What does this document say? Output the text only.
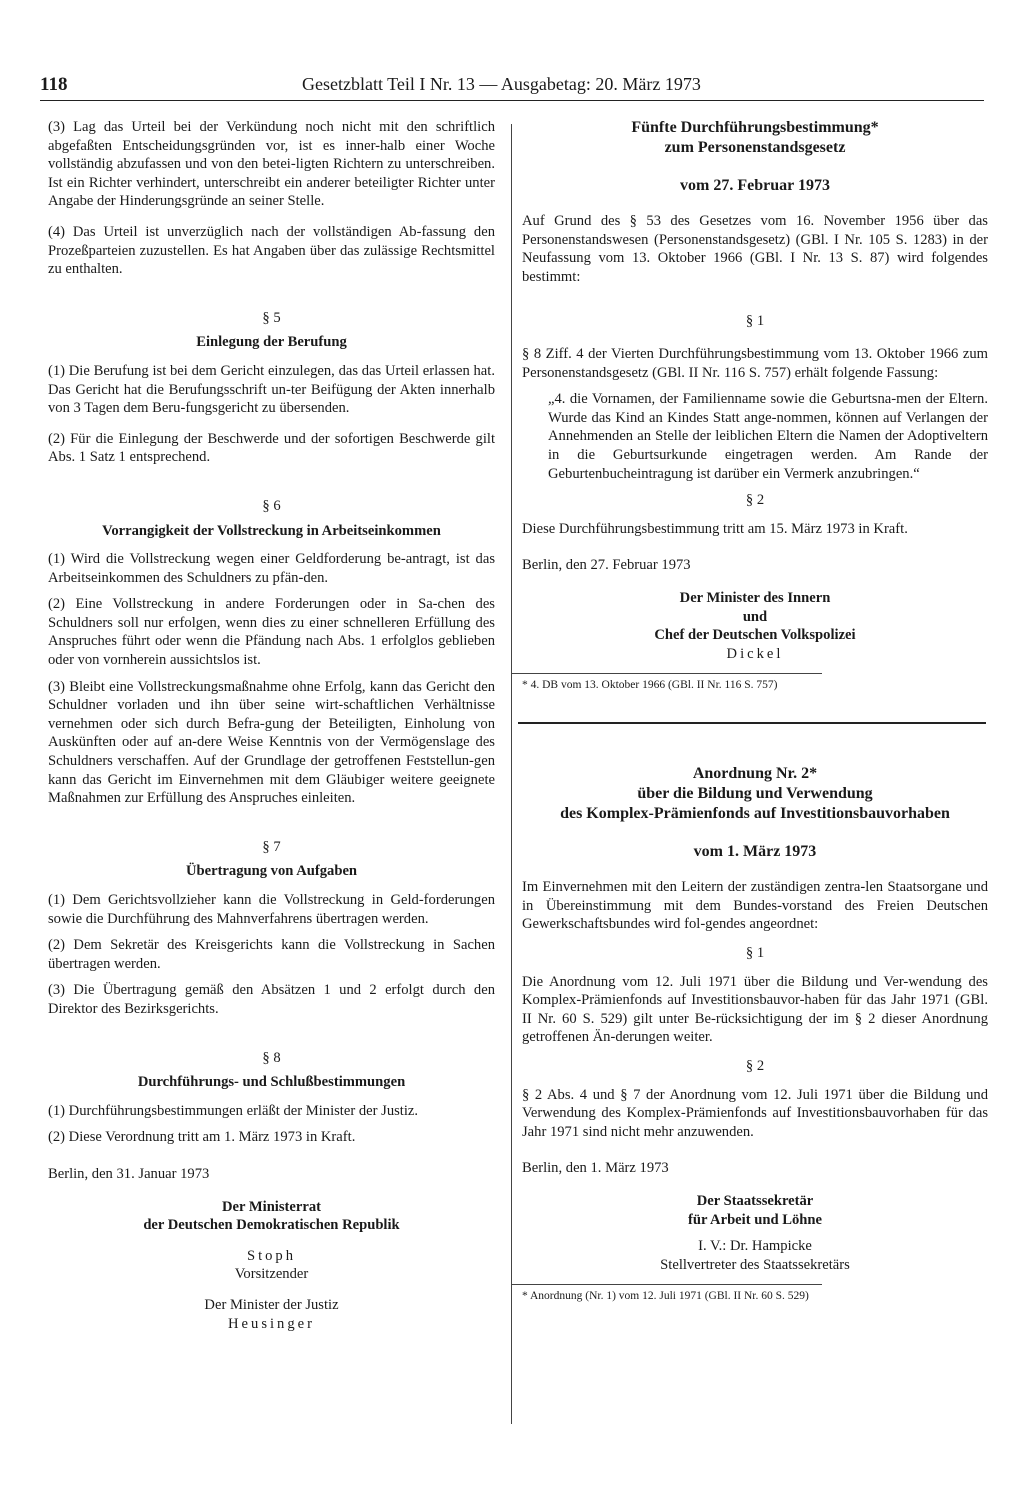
118	Gesetzblatt Teil I Nr. 13 — Ausgabetag: 20. März 1973

(3) Lag das Urteil bei der Verkündung noch nicht mit den schriftlich abgefaßten Entscheidungsgründen vor, ist es inner-halb einer Woche vollständig abzufassen und von den betei-ligten Richtern zu unterschreiben. Ist ein Richter verhindert, unterschreibt ein anderer beteiligter Richter unter Angabe der Hinderungsgründe an seiner Stelle.

(4) Das Urteil ist unverzüglich nach der vollständigen Ab-fassung den Prozeßparteien zuzustellen. Es hat Angaben über das zulässige Rechtsmittel zu enthalten.

§ 5
Einlegung der Berufung

(1) Die Berufung ist bei dem Gericht einzulegen, das das Urteil erlassen hat. Das Gericht hat die Berufungsschrift un-ter Beifügung der Akten innerhalb von 3 Tagen dem Beru-fungsgericht zu übersenden.

(2) Für die Einlegung der Beschwerde und der sofortigen Beschwerde gilt Abs. 1 Satz 1 entsprechend.

§ 6
Vorrangigkeit der Vollstreckung in Arbeitseinkommen

(1) Wird die Vollstreckung wegen einer Geldforderung be-antragt, ist das Arbeitseinkommen des Schuldners zu pfän-den.

(2) Eine Vollstreckung in andere Forderungen oder in Sa-chen des Schuldners soll nur erfolgen, wenn dies zu einer schnelleren Erfüllung des Anspruches führt oder wenn die Pfändung nach Abs. 1 erfolglos geblieben oder von vornherein aussichtslos ist.

(3) Bleibt eine Vollstreckungsmaßnahme ohne Erfolg, kann das Gericht den Schuldner vorladen und ihn über seine wirt-schaftlichen Verhältnisse vernehmen oder sich durch Befra-gung der Beteiligten, Einholung von Auskünften oder auf an-dere Weise Kenntnis von der Vermögenslage des Schuldners verschaffen. Auf der Grundlage der getroffenen Feststellun-gen kann das Gericht im Einvernehmen mit dem Gläubiger weitere geeignete Maßnahmen zur Erfüllung des Anspruches einleiten.

§ 7
Übertragung von Aufgaben

(1) Dem Gerichtsvollzieher kann die Vollstreckung in Geld-forderungen sowie die Durchführung des Mahnverfahrens übertragen werden.

(2) Dem Sekretär des Kreisgerichts kann die Vollstreckung in Sachen übertragen werden.

(3) Die Übertragung gemäß den Absätzen 1 und 2 erfolgt durch den Direktor des Bezirksgerichts.

§ 8
Durchführungs- und Schlußbestimmungen

(1) Durchführungsbestimmungen erläßt der Minister der Justiz.

(2) Diese Verordnung tritt am 1. März 1973 in Kraft.

Berlin, den 31. Januar 1973
Der Ministerrat
der Deutschen Demokratischen Republik
Stoph
Vorsitzender
Der Minister der Justiz
Heusinger
Fünfte Durchführungsbestimmung*
zum Personenstandsgesetz
vom 27. Februar 1973

Auf Grund des § 53 des Gesetzes vom 16. November 1956 über das Personenstandswesen (Personenstandsgesetz) (GBl. I Nr. 105 S. 1283) in der Neufassung vom 13. Oktober 1966 (GBl. I Nr. 13 S. 87) wird folgendes bestimmt:

§ 1

§ 8 Ziff. 4 der Vierten Durchführungsbestimmung vom 13. Oktober 1966 zum Personenstandsgesetz (GBl. II Nr. 116 S. 757) erhält folgende Fassung:

„4. die Vornamen, der Familienname sowie die Geburtsna-men der Eltern. Wurde das Kind an Kindes Statt ange-nommen, können auf Verlangen der Annehmenden an Stelle der leiblichen Eltern die Namen der Adoptiveltern in die Geburtsurkunde eingetragen werden. Am Rande der Geburtenbucheintragung ist darüber ein Vermerk anzubringen.“

§ 2

Diese Durchführungsbestimmung tritt am 15. März 1973 in Kraft.

Berlin, den 27. Februar 1973
Der Minister des Innern
und
Chef der Deutschen Volkspolizei
Dickel
* 4. DB vom 13. Oktober 1966 (GBl. II Nr. 116 S. 757)
Anordnung Nr. 2*
über die Bildung und Verwendung
des Komplex-Prämienfonds auf Investitionsbauvorhaben
vom 1. März 1973

Im Einvernehmen mit den Leitern der zuständigen zentra-len Staatsorgane und in Übereinstimmung mit dem Bundes-vorstand des Freien Deutschen Gewerkschaftsbundes wird fol-gendes angeordnet:

§ 1

Die Anordnung vom 12. Juli 1971 über die Bildung und Ver-wendung des Komplex-Prämienfonds auf Investitionsbauvor-haben für das Jahr 1971 (GBl. II Nr. 60 S. 529) gilt unter Be-rücksichtigung der im § 2 dieser Anordnung getroffenen Än-derungen weiter.

§ 2

§ 2 Abs. 4 und § 7 der Anordnung vom 12. Juli 1971 über die Bildung und Verwendung des Komplex-Prämienfonds auf Investitionsbauvorhaben für das Jahr 1971 sind nicht mehr anzuwenden.

Berlin, den 1. März 1973
Der Staatssekretär
für Arbeit und Löhne
I. V.: Dr. Hampicke
Stellvertreter des Staatssekretärs
* Anordnung (Nr. 1) vom 12. Juli 1971 (GBl. II Nr. 60 S. 529)
